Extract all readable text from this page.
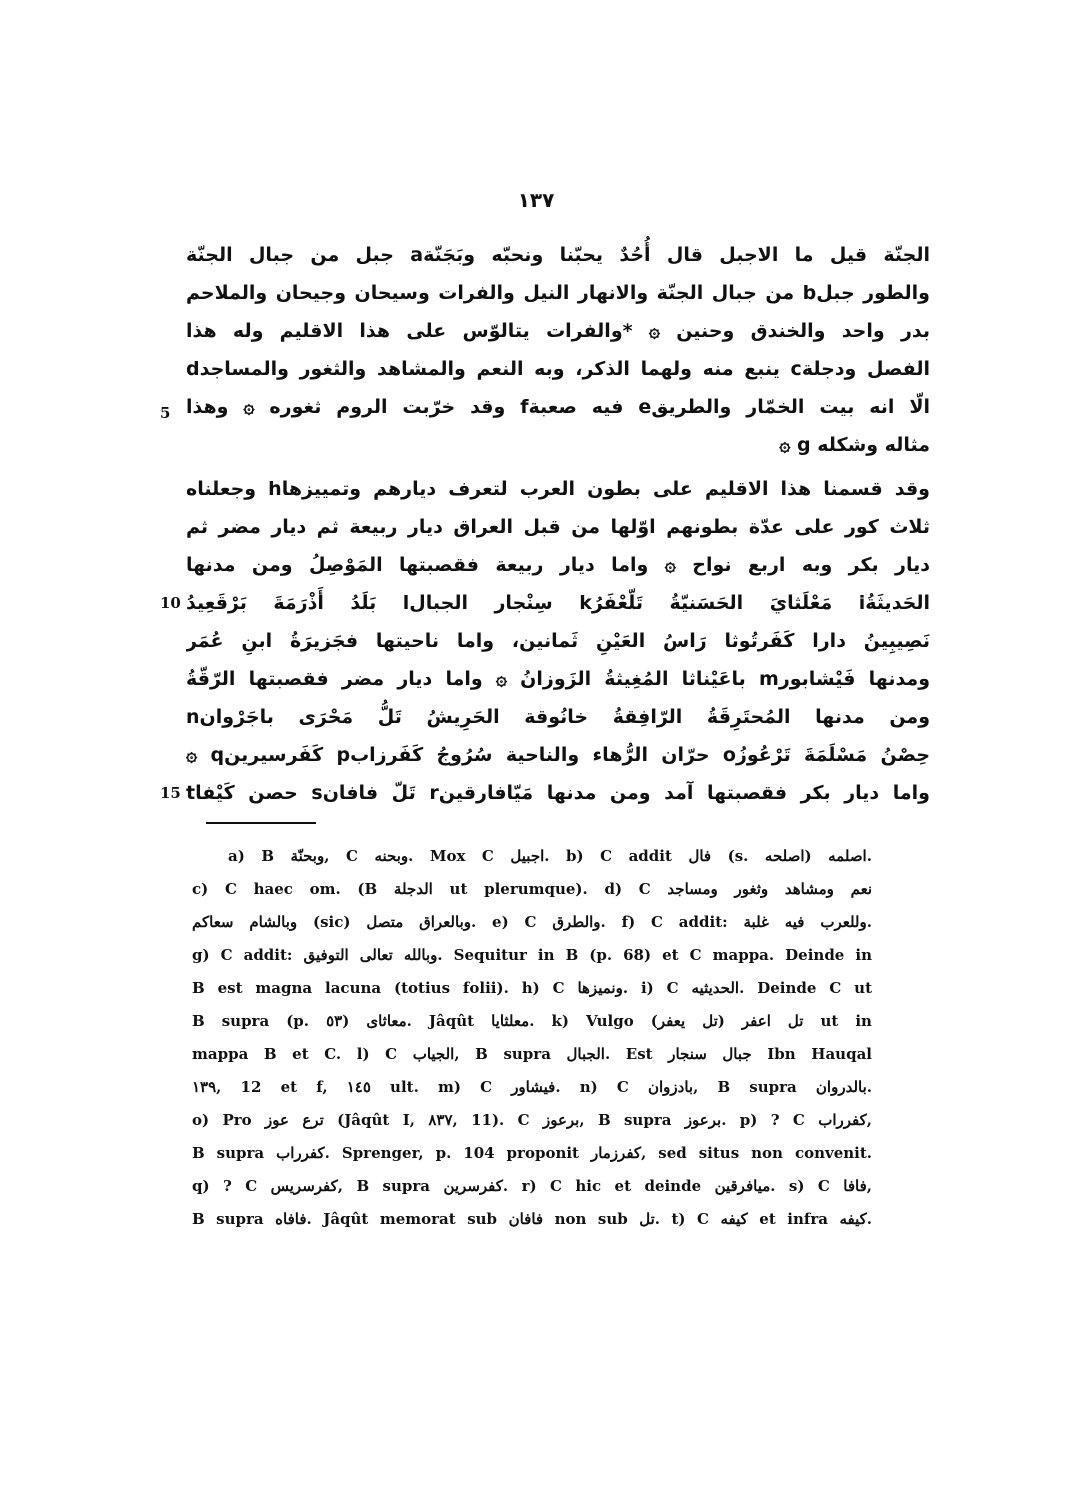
١٣٧
الجنّة قيل ما الاجبل قال أُحُدٌ يحبّنا ونحبّه وبَجَنّةa جبل من جبال الجنّة
والطور جبلb من جبال الجنّة والانهار النيل والفرات وسيحان وجيحان والملاحم
بدر واحد والخندق وحنين ۞ *والفرات يتالوّس على هذا الاقليم وله هذا
الفصل ودجلةc ينبع منه ولهما الذكر، وبه النعم والمشاهد والثغور والمساجدd
الّا انه بيت الخمّار والطريقe فيه صعبةf وقد خرّبت الروم ثغوره ۞ وهذا
مثاله وشكله g ۞
وقد قسمنا هذا الاقليم على بطون العرب لتعرف ديارهم وتمييزهاh وجعلناه
ثلاث كور على عدّة بطونهم اوّلها من قبل العراق ديار ربيعة ثم ديار مضر ثم
ديار بكر وبه اربع نواح ۞ واما ديار ربيعة فقصبتها المَوْصِلُ ومن مدنها
الحَديثَةُi مَعْلَثايَ الحَسَنيّةُ تَلّعْفَرُk سِنْجار الجبالl بَلَدُ أَذْرَمَةَ بَرْقَعِيدُ
نَصِيبِينُ دارا كَفَرتُوثا رَاسُ العَيْنِ ثَمانين، واما ناحيتها فجَزيرَةُ ابنِ عُمَر
ومدنها فَيْشابورm باعَيْناثا المُغِيثةُ الزَوزانُ ۞ واما ديار مضر فقصبتها الرّقّةُ
ومن مدنها المُحتَرِقَةُ الرّافِقةُ خانُوقة الحَرِيشُ تَلُّ مَحْرَى باجَرْوانn
حِصْنُ مَسْلَمَةَ تَرْعُوزُo حرّان الرُّهاء والناحية سُرُوجُ كَفَرزابp كَفَرسيرينq ۞
واما ديار بكر فقصبتها آمد ومن مدنها مَيّافارقينr تَلّ فافانs حصن كَيْفاt
5
10
15
a) B وبحنّة, C وبحنه. Mox C اجبيل. b) C addit فال (s. اصلحه) اصلمه.
c) C haec om. (B الدجلة ut plerumque). d) C نعم ومشاهد وثغور ومساجد
وبالشام سعاكم (sic) وبالعراق متصل. e) C والطرق. f) C addit: وللعرب فيه غلبة.
g) C addit: وبالله تعالى التوفيق. Sequitur in B (p. 68) et C mappa. Deinde in
B est magna lacuna (totius folii). h) C ونميزها. i) C الحديثيه. Deinde C ut
B supra (p. ٥٣) معاثاى. Jâqût معلثايا. k) Vulgo (تل يعفر) تل اعفر ut in
mappa B et C. l) C الجياب, B supra الجبال. Est جبال سنجار Ibn Hauqal
١٣٩, 12 et f, ١٤٥ ult. m) C فيشاور. n) C بادزوان, B supra بالدروان.
o) Pro ترع عوز (Jâqût I, ٨٣٧, 11). C برعوز, B supra برعوز. p) ? C كفرراب,
B supra كفرراب. Sprenger, p. 104 proponit كفرزمار, sed situs non convenit.
q) ? C كفرسريس, B supra كفرسرين. r) C hic et deinde ميافرقين. s) C فافا,
B supra فافاه. Jâqût memorat sub فافان non sub تل. t) C كيفه et infra كيفه.
